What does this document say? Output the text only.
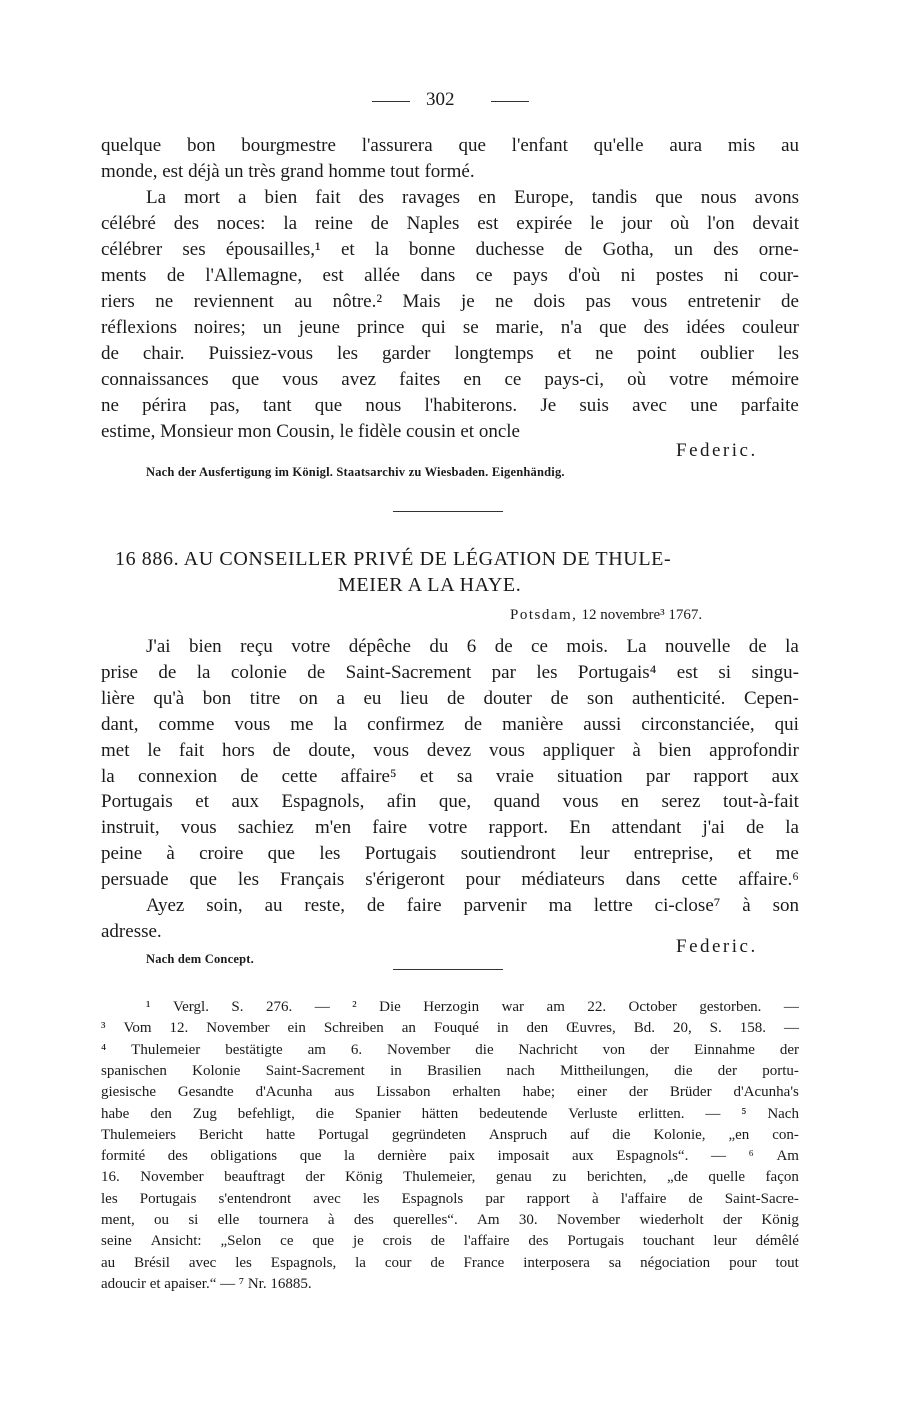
302
quelque bon bourgmestre l'assurera que l'enfant qu'elle aura mis au
monde, est déjà un très grand homme tout formé.
La mort a bien fait des ravages en Europe, tandis que nous avons
célébré des noces: la reine de Naples est expirée le jour où l'on devait
célébrer ses épousailles,¹ et la bonne duchesse de Gotha, un des orne-
ments de l'Allemagne, est allée dans ce pays d'où ni postes ni cour-
riers ne reviennent au nôtre.² Mais je ne dois pas vous entretenir de
réflexions noires; un jeune prince qui se marie, n'a que des idées couleur
de chair. Puissiez-vous les garder longtemps et ne point oublier les
connaissances que vous avez faites en ce pays-ci, où votre mémoire
ne périra pas, tant que nous l'habiterons. Je suis avec une parfaite
estime, Monsieur mon Cousin, le fidèle cousin et oncle
Federic.
Nach der Ausfertigung im Königl. Staatsarchiv zu Wiesbaden. Eigenhändig.
16 886. AU CONSEILLER PRIVÉ DE LÉGATION DE THULE-
MEIER A LA HAYE.
Potsdam, 12 novembre³ 1767.
J'ai bien reçu votre dépêche du 6 de ce mois. La nouvelle de la
prise de la colonie de Saint-Sacrement par les Portugais⁴ est si singu-
lière qu'à bon titre on a eu lieu de douter de son authenticité. Cepen-
dant, comme vous me la confirmez de manière aussi circonstanciée, qui
met le fait hors de doute, vous devez vous appliquer à bien approfondir
la connexion de cette affaire⁵ et sa vraie situation par rapport aux
Portugais et aux Espagnols, afin que, quand vous en serez tout-à-fait
instruit, vous sachiez m'en faire votre rapport. En attendant j'ai de la
peine à croire que les Portugais soutiendront leur entreprise, et me
persuade que les Français s'érigeront pour médiateurs dans cette affaire.⁶
Ayez soin, au reste, de faire parvenir ma lettre ci-close⁷ à son
adresse.
Federic.
Nach dem Concept.
¹ Vergl. S. 276. — ² Die Herzogin war am 22. October gestorben. —
³ Vom 12. November ein Schreiben an Fouqué in den Œuvres, Bd. 20, S. 158. —
⁴ Thulemeier bestätigte am 6. November die Nachricht von der Einnahme der
spanischen Kolonie Saint-Sacrement in Brasilien nach Mittheilungen, die der portu-
giesische Gesandte d'Acunha aus Lissabon erhalten habe; einer der Brüder d'Acunha's
habe den Zug befehligt, die Spanier hätten bedeutende Verluste erlitten. — ⁵ Nach
Thulemeiers Bericht hatte Portugal gegründeten Anspruch auf die Kolonie, „en con-
formité des obligations que la dernière paix imposait aux Espagnols“. — ⁶ Am
16. November beauftragt der König Thulemeier, genau zu berichten, „de quelle façon
les Portugais s'entendront avec les Espagnols par rapport à l'affaire de Saint-Sacre-
ment, ou si elle tournera à des querelles“. Am 30. November wiederholt der König
seine Ansicht: „Selon ce que je crois de l'affaire des Portugais touchant leur démêlé
au Brésil avec les Espagnols, la cour de France interposera sa négociation pour tout
adoucir et apaiser.“ — ⁷ Nr. 16885.
